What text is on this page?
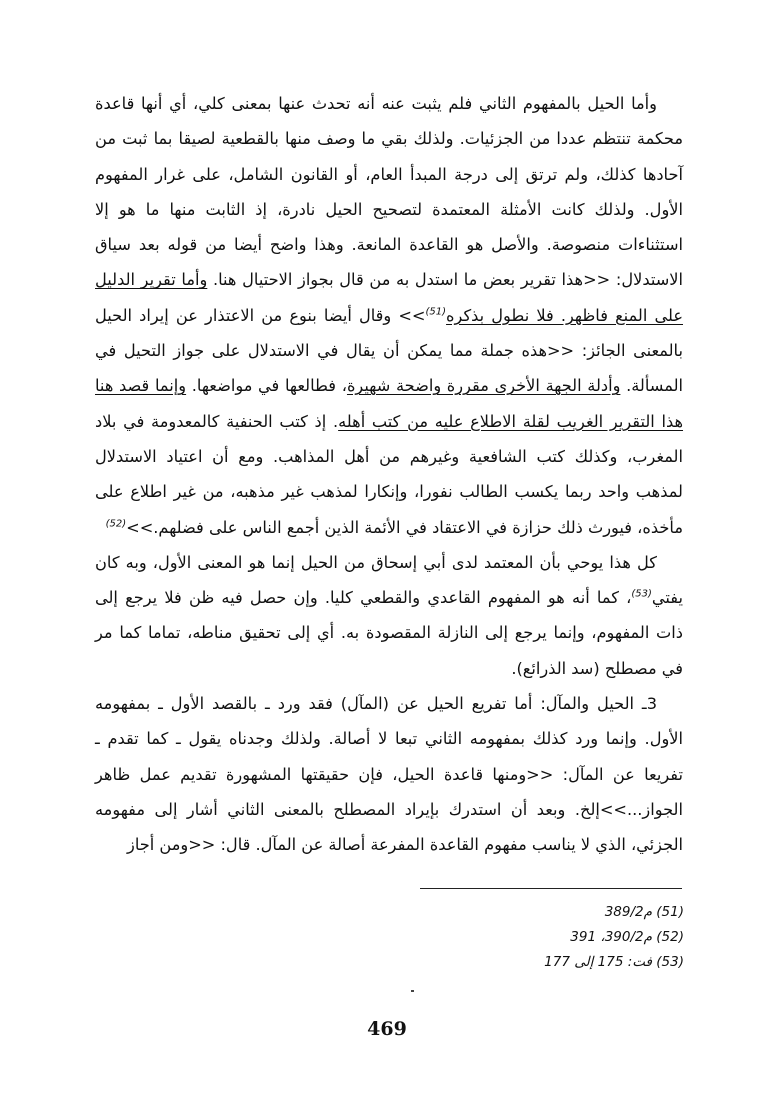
وأما الحيل بالمفهوم الثاني فلم يثبت عنه أنه تحدث عنها بمعنى كلي، أي أنها قاعدة محكمة تنتظم عددا من الجزئيات. ولذلك بقي ما وصف منها بالقطعية لصيقا بما ثبت من آحادها كذلك، ولم ترتق إلى درجة المبدأ العام، أو القانون الشامل، على غرار المفهوم الأول. ولذلك كانت الأمثلة المعتمدة لتصحيح الحيل نادرة، إذ الثابت منها ما هو إلا استثناءات منصوصة. والأصل هو القاعدة المانعة. وهذا واضح أيضا من قوله بعد سياق الاستدلال: <<هذا تقرير بعض ما استدل به من قال بجواز الاحتيال هنا. وأما تقرير الدليل على المنع فاظهر. فلا نطول بذكره$^{(51)}$>> وقال أيضا بنوع من الاعتذار عن إيراد الحيل بالمعنى الجائز: <<هذه جملة مما يمكن أن يقال في الاستدلال على جواز التحيل في المسألة. وأدلة الجهة الأخرى مقررة واضحة شهيرة، فطالعها في مواضعها. وإنما قصد هنا هذا التقرير الغريب لقلة الاطلاع عليه من كتب أهله. إذ كتب الحنفية كالمعدومة في بلاد المغرب، وكذلك كتب الشافعية وغيرهم من أهل المذاهب. ومع أن اعتياد الاستدلال لمذهب واحد ربما يكسب الطالب نفورا، وإنكارا لمذهب غير مذهبه، من غير اطلاع على مأخذه، فيورث ذلك حزازة في الاعتقاد في الأئمة الذين أجمع الناس على فضلهم.>>$^{(52)}$

كل هذا يوحي بأن المعتمد لدى أبي إسحاق من الحيل إنما هو المعنى الأول، وبه كان يفتي$^{(53)}$، كما أنه هو المفهوم القاعدي والقطعي كليا. وإن حصل فيه ظن فلا يرجع إلى ذات المفهوم، وإنما يرجع إلى النازلة المقصودة به. أي إلى تحقيق مناطه، تماما كما مر في مصطلح (سد الذرائع).

3ـ الحيل والمآل: أما تفريع الحيل عن (المآل) فقد ورد ـ بالقصد الأول ـ بمفهومه الأول. وإنما ورد كذلك بمفهومه الثاني تبعا لا أصالة. ولذلك وجدناه يقول ـ كما تقدم ـ تفريعا عن المآل: <<ومنها قاعدة الحيل، فإن حقيقتها المشهورة تقديم عمل ظاهر الجواز...>>إلخ. وبعد أن استدرك بإيراد المصطلح بالمعنى الثاني أشار إلى مفهومه الجزئي، الذي لا يناسب مفهوم القاعدة المفرعة أصالة عن المآل. قال: <<ومن أجاز

(51) م389/2

(52) م390/2، 391

(53) فت: 175 إلى 177

469
